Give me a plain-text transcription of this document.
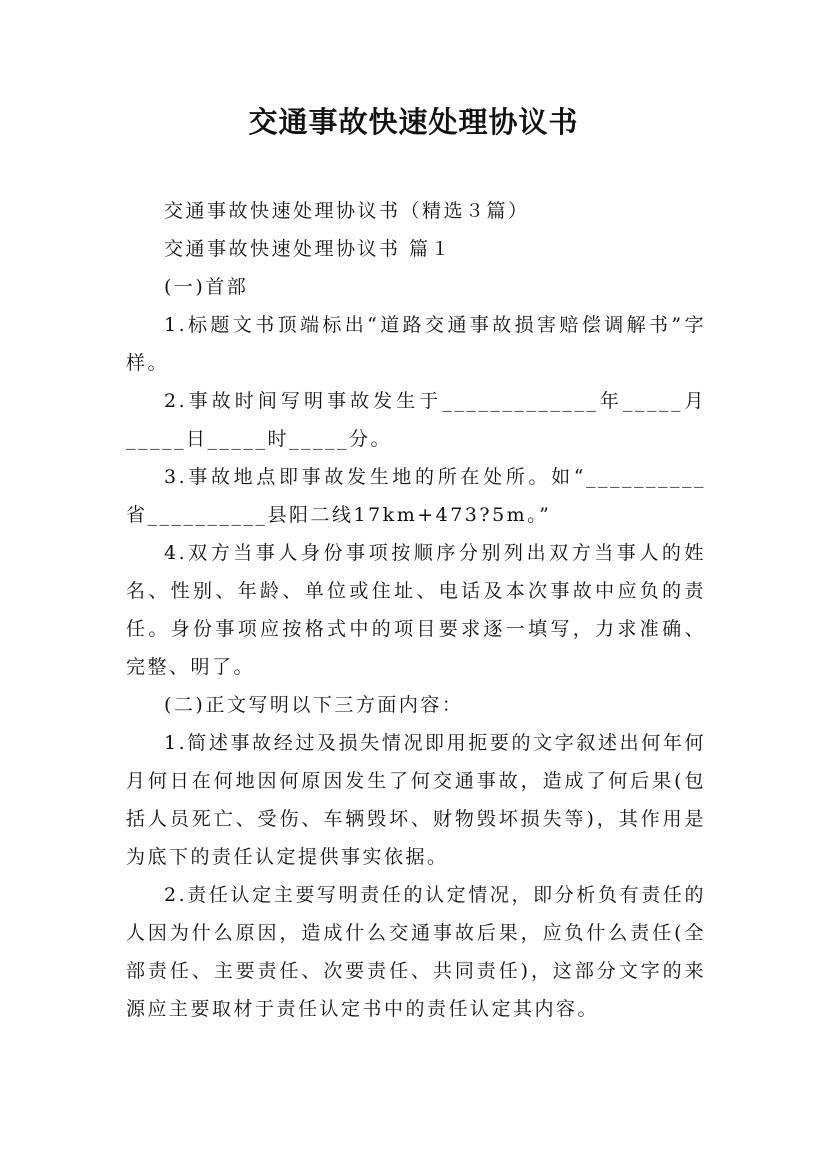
交通事故快速处理协议书

交通事故快速处理协议书（精选３篇）

交通事故快速处理协议书 篇１

(一)首部

1.标题文书顶端标出“道路交通事故损害赔偿调解书”字样。

2.事故时间写明事故发生于_____________年_____月_____日_____时_____分。

3.事故地点即事故发生地的所在处所。如“__________省__________县阳二线17km+473?5m。”

4.双方当事人身份事项按顺序分别列出双方当事人的姓名、性别、年龄、单位或住址、电话及本次事故中应负的责任。身份事项应按格式中的项目要求逐一填写，力求准确、完整、明了。

(二)正文写明以下三方面内容：

1.简述事故经过及损失情况即用扼要的文字叙述出何年何月何日在何地因何原因发生了何交通事故，造成了何后果(包括人员死亡、受伤、车辆毁坏、财物毁坏损失等)，其作用是为底下的责任认定提供事实依据。

2.责任认定主要写明责任的认定情况，即分析负有责任的人因为什么原因，造成什么交通事故后果，应负什么责任(全部责任、主要责任、次要责任、共同责任)，这部分文字的来源应主要取材于责任认定书中的责任认定其内容。
